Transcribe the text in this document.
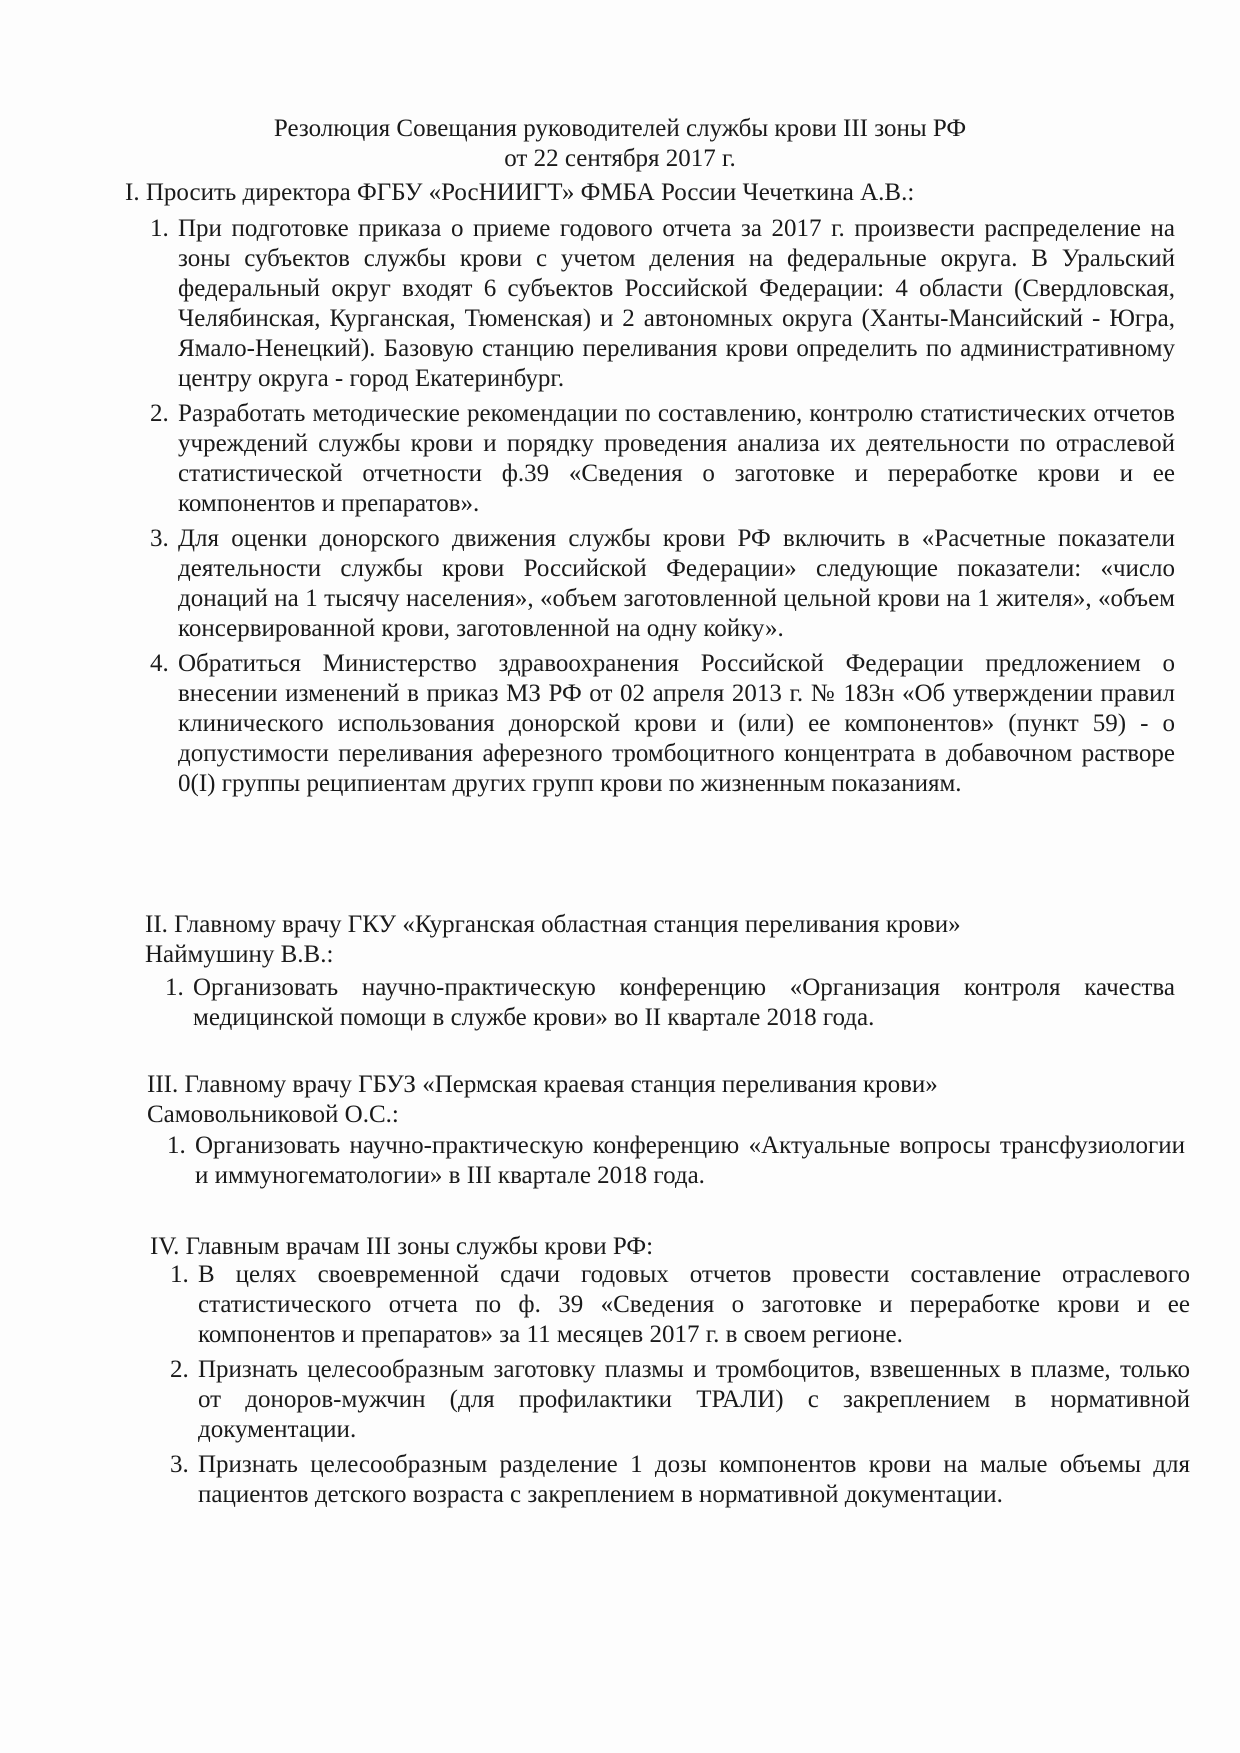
Резолюция Совещания руководителей службы крови III зоны РФ
от 22 сентября 2017 г.
I. Просить директора ФГБУ «РосНИИГТ» ФМБА России Чечеткина А.В.:
1. При подготовке приказа о приеме годового отчета за 2017 г. произвести распределение на зоны субъектов службы крови с учетом деления на федеральные округа. В Уральский федеральный округ входят 6 субъектов Российской Федерации: 4 области (Свердловская, Челябинская, Курганская, Тюменская) и 2 автономных округа (Ханты-Мансийский - Югра, Ямало-Ненецкий). Базовую станцию переливания крови определить по административному центру округа - город Екатеринбург.
2. Разработать методические рекомендации по составлению, контролю статистических отчетов учреждений службы крови и порядку проведения анализа их деятельности по отраслевой статистической отчетности ф.39 «Сведения о заготовке и переработке крови и ее компонентов и препаратов».
3. Для оценки донорского движения службы крови РФ включить в «Расчетные показатели деятельности службы крови Российской Федерации» следующие показатели: «число донаций на 1 тысячу населения», «объем заготовленной цельной крови на 1 жителя», «объем консервированной крови, заготовленной на одну койку».
4. Обратиться Министерство здравоохранения Российской Федерации предложением о внесении изменений в приказ МЗ РФ от 02 апреля 2013 г. № 183н «Об утверждении правил клинического использования донорской крови и (или) ее компонентов» (пункт 59) - о допустимости переливания аферезного тромбоцитного концентрата в добавочном растворе 0(I) группы реципиентам других групп крови по жизненным показаниям.
II. Главному врачу ГКУ «Курганская областная станция переливания крови»
Наймушину В.В.:
1. Организовать научно-практическую конференцию «Организация контроля качества медицинской помощи в службе крови» во II квартале 2018 года.
III. Главному врачу ГБУЗ «Пермская краевая станция переливания крови»
Самовольниковой О.С.:
1. Организовать научно-практическую конференцию «Актуальные вопросы трансфузиологии и иммуногематологии» в III квартале 2018 года.
IV. Главным врачам III зоны службы крови РФ:
1. В целях своевременной сдачи годовых отчетов провести составление отраслевого статистического отчета по ф. 39 «Сведения о заготовке и переработке крови и ее компонентов и препаратов» за 11 месяцев 2017 г. в своем регионе.
2. Признать целесообразным заготовку плазмы и тромбоцитов, взвешенных в плазме, только от доноров-мужчин (для профилактики ТРАЛИ) с закреплением в нормативной документации.
3. Признать целесообразным разделение 1 дозы компонентов крови на малые объемы для пациентов детского возраста с закреплением в нормативной документации.
